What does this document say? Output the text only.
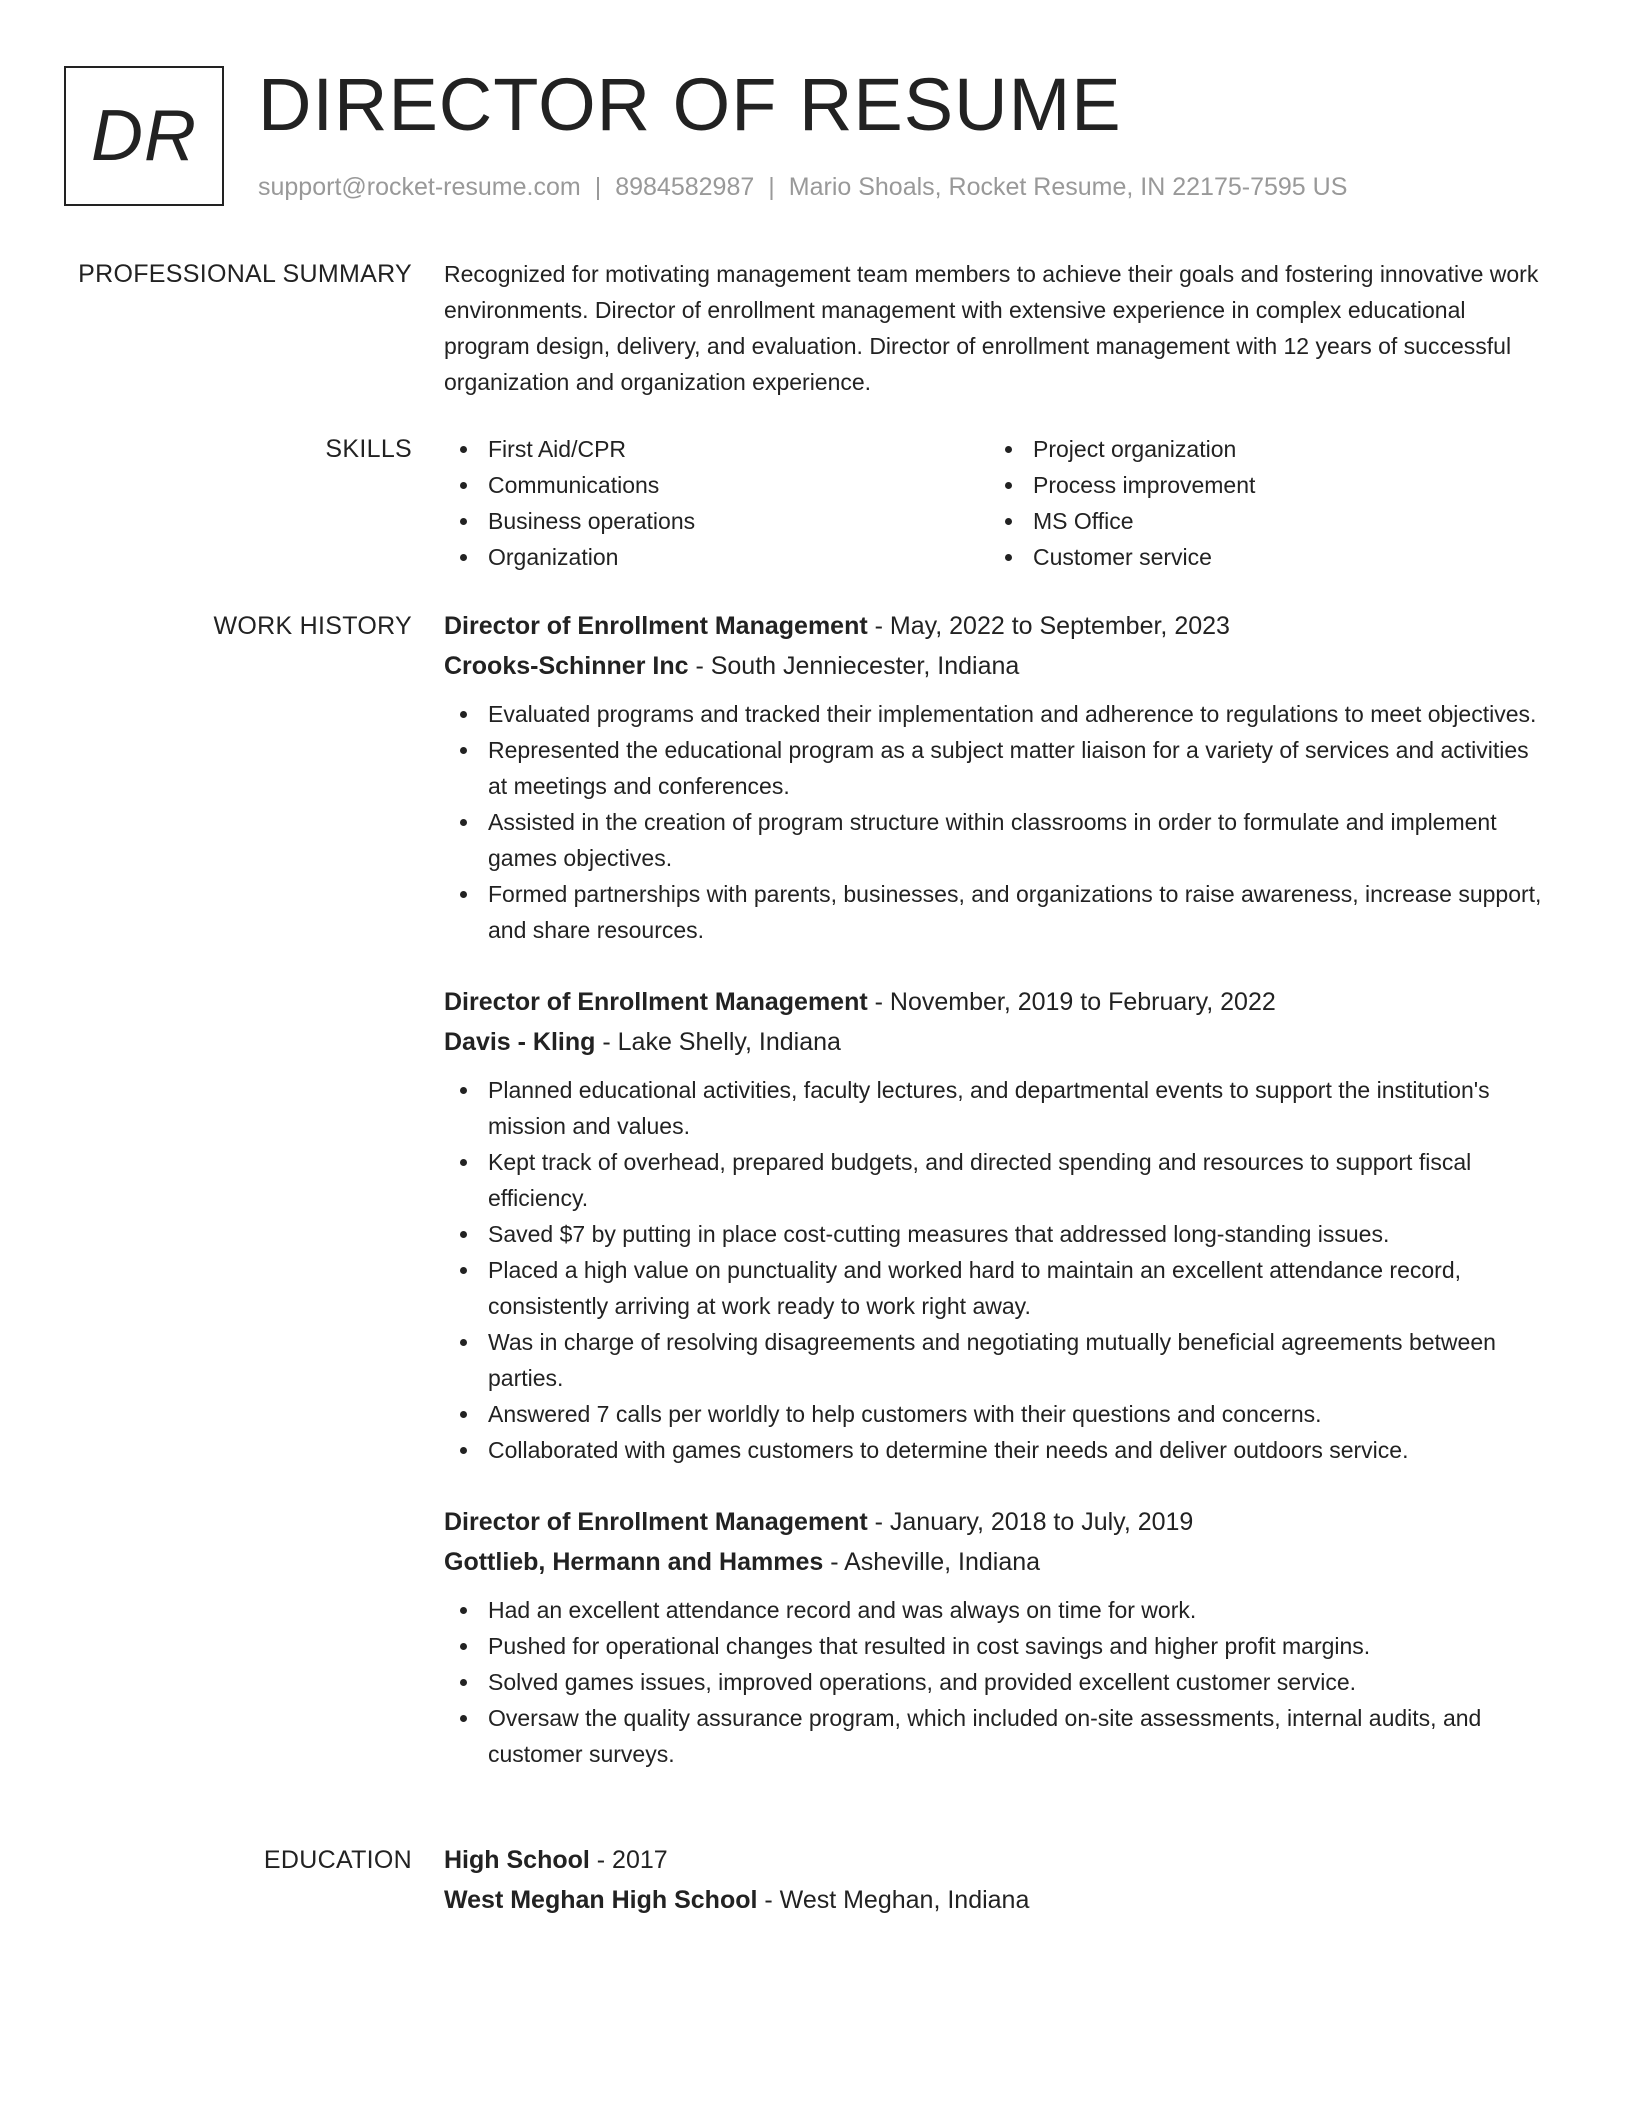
DR DIRECTOR OF RESUME
support@rocket-resume.com | 8984582987 | Mario Shoals, Rocket Resume, IN 22175-7595 US
PROFESSIONAL SUMMARY Recognized for motivating management team members to achieve their goals and fostering innovative work environments. Director of enrollment management with extensive experience in complex educational program design, delivery, and evaluation. Director of enrollment management with 12 years of successful organization and organization experience.

SKILLS	First Aid/CPR
Communications
Business operations
Organization
Project organization
Process improvement
MS Office
Customer service
WORK HISTORY Director of Enrollment Management - May, 2022 to September, 2023
Crooks-Schinner Inc - South Jenniecester, Indiana
Evaluated programs and tracked their implementation and adherence to regulations to meet objectives.
Represented the educational program as a subject matter liaison for a variety of services and activities at meetings and conferences.
Assisted in the creation of program structure within classrooms in order to formulate and implement games objectives.
Formed partnerships with parents, businesses, and organizations to raise awareness, increase support, and share resources.
Director of Enrollment Management - November, 2019 to February, 2022
Davis - Kling - Lake Shelly, Indiana
Planned educational activities, faculty lectures, and departmental events to support the institution's mission and values.
Kept track of overhead, prepared budgets, and directed spending and resources to support fiscal efficiency.
Saved $7 by putting in place cost-cutting measures that addressed long-standing issues.
Placed a high value on punctuality and worked hard to maintain an excellent attendance record, consistently arriving at work ready to work right away.
Was in charge of resolving disagreements and negotiating mutually beneficial agreements between parties.
Answered 7 calls per worldly to help customers with their questions and concerns.
Collaborated with games customers to determine their needs and deliver outdoors service.
Director of Enrollment Management - January, 2018 to July, 2019
Gottlieb, Hermann and Hammes - Asheville, Indiana
Had an excellent attendance record and was always on time for work.
Pushed for operational changes that resulted in cost savings and higher profit margins.
Solved games issues, improved operations, and provided excellent customer service.
Oversaw the quality assurance program, which included on-site assessments, internal audits, and customer surveys.
EDUCATION High School - 2017
West Meghan High School - West Meghan, Indiana
